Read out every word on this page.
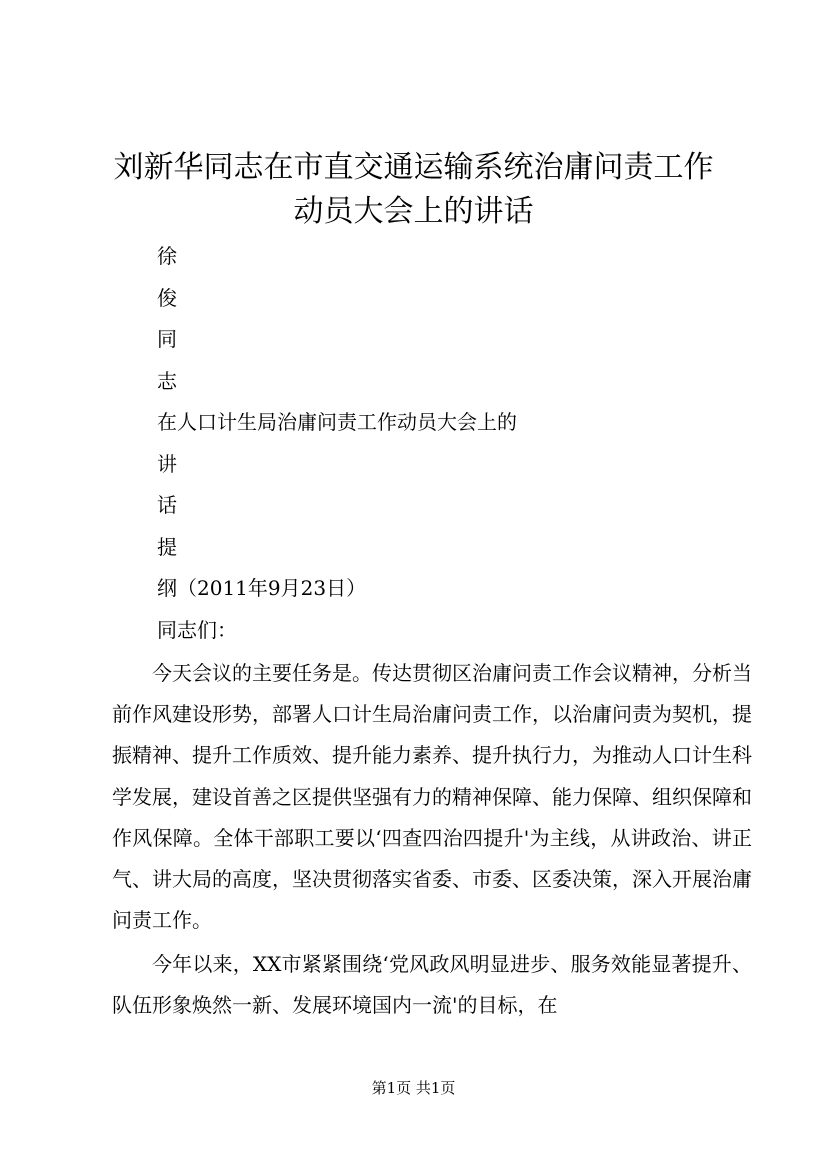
刘新华同志在市直交通运输系统治庸问责工作
动员大会上的讲话
徐
俊
同
志
在人口计生局治庸问责工作动员大会上的
讲
话
提
纲（2011年9月23日）
同志们：

今天会议的主要任务是。传达贯彻区治庸问责工作会议精神，分析当前作风建设形势，部署人口计生局治庸问责工作，以治庸问责为契机，提振精神、提升工作质效、提升能力素养、提升执行力，为推动人口计生科学发展，建设首善之区提供坚强有力的精神保障、能力保障、组织保障和作风保障。全体干部职工要以‘四查四治四提升'为主线，从讲政治、讲正气、讲大局的高度，坚决贯彻落实省委、市委、区委决策，深入开展治庸问责工作。

今年以来，XX市紧紧围绕‘党风政风明显进步、服务效能显著提升、队伍形象焕然一新、发展环境国内一流'的目标，在

第1页 共1页
